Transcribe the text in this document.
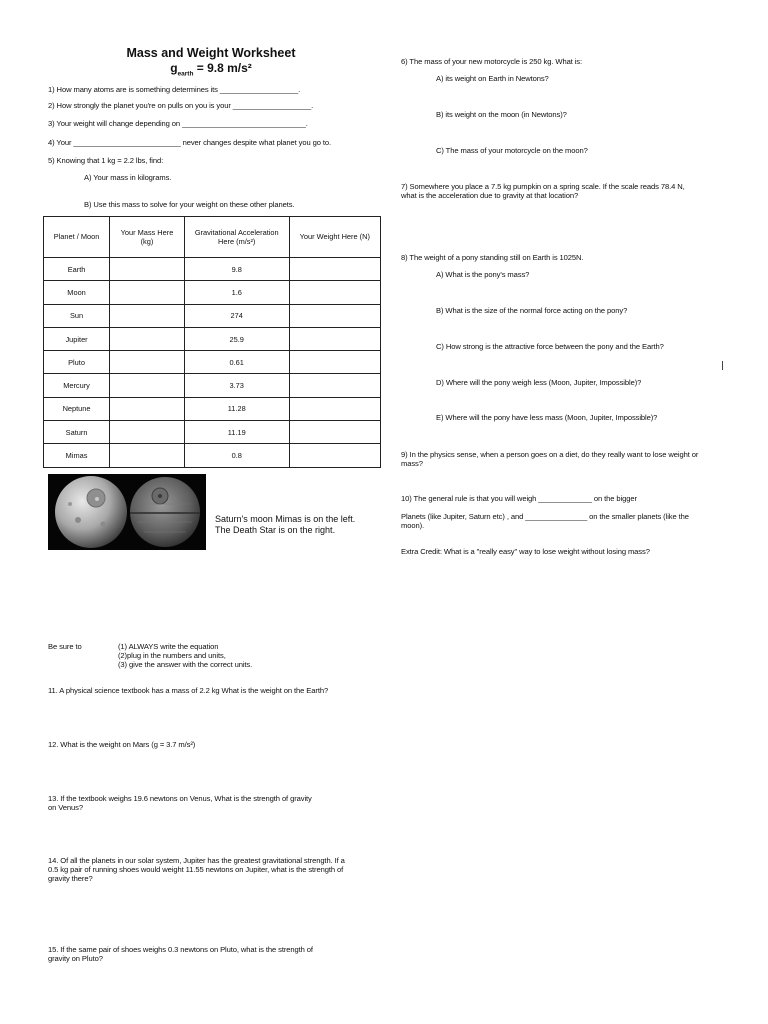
Mass and Weight Worksheet
$g_{earth} = 9.8$ m/s²
1) How many atoms are is something determines its ___________________.
2) How strongly the planet you're on pulls on you is your ___________________.
3) Your weight will change depending on ______________________________.
4) Your __________________________ never changes despite what planet you go to.
5) Knowing that 1 kg = 2.2 lbs, find:
A) Your mass in kilograms.
B) Use this mass to solve for your weight on these other planets.
Planet / Moon	Your Mass Here (kg)	Gravitational Acceleration Here (m/s²)	Your Weight Here (N)
Earth		9.8	
Moon		1.6	
Sun		274	
Jupiter		25.9	
Pluto		0.61	
Mercury		3.73	
Neptune		11.28	
Saturn		11.19	
Mimas		0.8	
Saturn's moon Mimas is on the left.
The Death Star is on the right.
Be sure to	(1) ALWAYS write the equation
(2)plug in the numbers and units,
(3) give the answer with the correct units.
11. A physical science textbook has a mass of 2.2 kg What is the weight on the Earth?
12. What is the weight on Mars (g = 3.7 m/s²)
13. If the textbook weighs 19.6 newtons on Venus, What is the strength of gravity
on Venus?
14. Of all the planets in our solar system, Jupiter has the greatest gravitational strength. If a
0.5 kg pair of running shoes would weight 11.55 newtons on Jupiter, what is the strength of
gravity there?
15. If the same pair of shoes weighs 0.3 newtons on Pluto, what is the strength of
gravity on Pluto?
6) The mass of your new motorcycle is 250 kg. What is:
A) its weight on Earth in Newtons?
B) its weight on the moon (in Newtons)?
C) The mass of your motorcycle on the moon?
7) Somewhere you place a 7.5 kg pumpkin on a spring scale. If the scale reads 78.4 N,
what is the acceleration due to gravity at that location?
8) The weight of a pony standing still on Earth is 1025N.
A) What is the pony's mass?
B) What is the size of the normal force acting on the pony?
C) How strong is the attractive force between the pony and the Earth?
D) Where will the pony weigh less (Moon, Jupiter, Impossible)?
E) Where will the pony have less mass (Moon, Jupiter, Impossible)?
9) In the physics sense, when a person goes on a diet, do they really want to lose weight or
mass?
10) The general rule is that you will weigh _____________ on the bigger
Planets (like Jupiter, Saturn etc) , and _______________ on the smaller planets (like the
moon).
Extra Credit: What is a "really easy" way to lose weight without losing mass?
